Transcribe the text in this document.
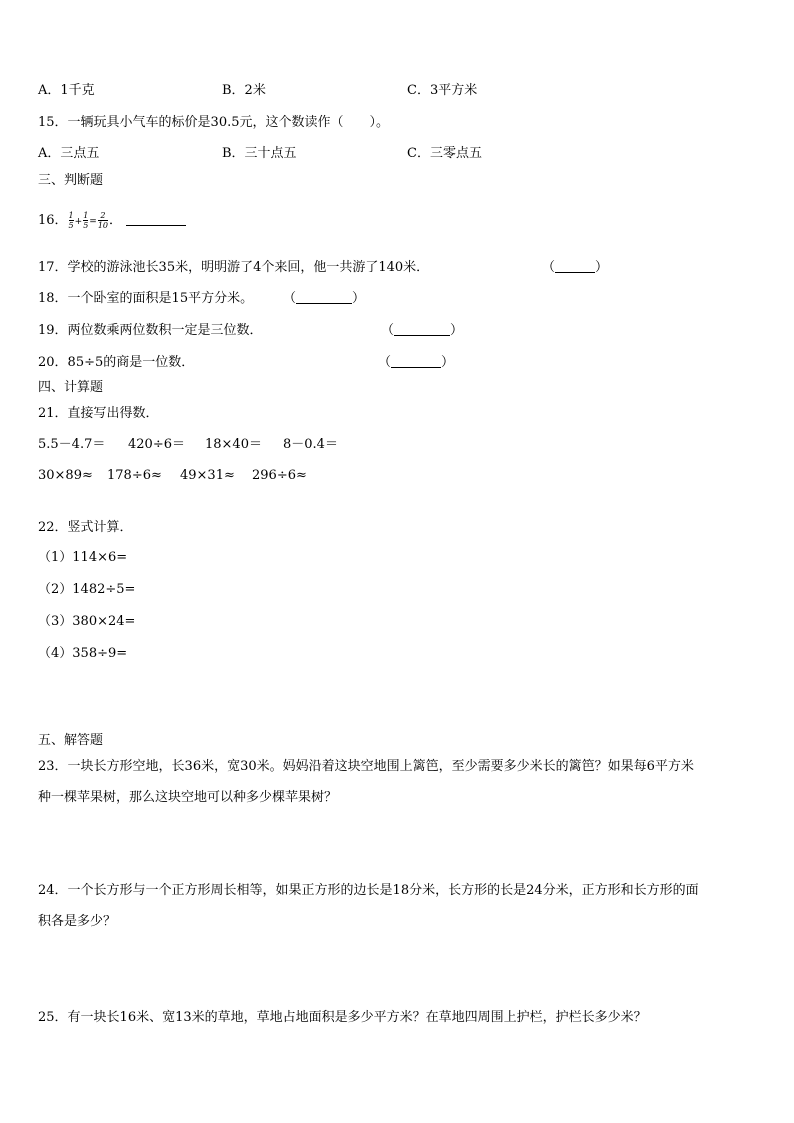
A．1千克	B．2米	C．3平方米
15．一辆玩具小气车的标价是30.5元，这个数读作（　　）。
A．三点五	B．三十点五	C．三零点五
三、判断题
16． $\frac{1}{5} + \frac{1}{5} = \frac{2}{10}$ ．
17．学校的游泳池长35米，明明游了4个来回，他一共游了140米．	（	）
18．一个卧室的面积是15平方分米。 （	）
19．两位数乘两位数积一定是三位数．	（	）
20．85÷5的商是一位数．	（	）
四、计算题
21．直接写出得数．
5.5－4.7＝ 420÷6＝ 18×40＝ 8－0.4＝
30×89≈ 178÷6≈ 49×31≈ 296÷6≈
22．竖式计算．
（1）114×6=
（2）1482÷5=
（3）380×24=
（4）358÷9=
五、解答题
23．一块长方形空地，长36米，宽30米。妈妈沿着这块空地围上篱笆，至少需要多少米长的篱笆？如果每6平方米
种一棵苹果树，那么这块空地可以种多少棵苹果树？
24．一个长方形与一个正方形周长相等，如果正方形的边长是18分米，长方形的长是24分米，正方形和长方形的面
积各是多少？
25．有一块长16米、宽13米的草地，草地占地面积是多少平方米？在草地四周围上护栏，护栏长多少米？
